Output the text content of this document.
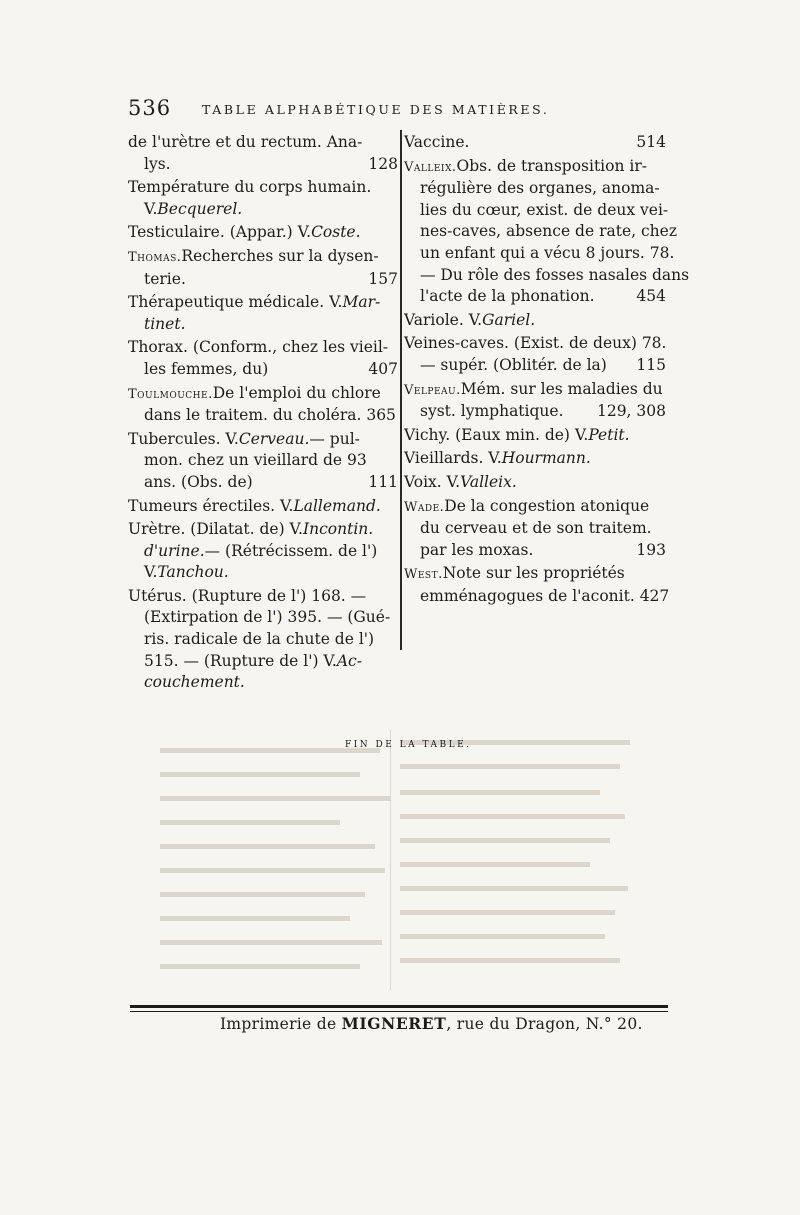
536 TABLE ALPHABÉTIQUE DES MATIÈRES.
de l'urètre et du rectum. Ana-
lys.	128
Température du corps humain.
V. Becquerel.
Testiculaire. (Appar.) V. Coste.
Thomas. Recherches sur la dysen-
terie.	157
Thérapeutique médicale. V. Mar-
tinet.
Thorax. (Conform., chez les vieil-
les femmes, du)	407
Toulmouche. De l'emploi du chlore
dans le traitem. du choléra. 365
Tubercules. V. Cerveau. — pul-
mon. chez un vieillard de 93
ans. (Obs. de)	111
Tumeurs érectiles. V. Lallemand.
Urètre. (Dilatat. de) V. Incontin.
d'urine. — (Rétrécissem. de l')
V. Tanchou.
Utérus. (Rupture de l') 168. —
(Extirpation de l') 395. — (Gué-
ris. radicale de la chute de l')
515. — (Rupture de l') V. Ac-
couchement.
Vaccine.	514
Valleix. Obs. de transposition ir-
régulière des organes, anoma-
lies du cœur, exist. de deux vei-
nes-caves, absence de rate, chez
un enfant qui a vécu 8 jours. 78.
— Du rôle des fosses nasales dans
l'acte de la phonation.	454
Variole. V. Gariel.
Veines-caves. (Exist. de deux) 78.
— supér. (Oblitér. de la) 115
Velpeau. Mém. sur les maladies du
syst. lymphatique. 129, 308
Vichy. (Eaux min. de) V. Petit.
Vieillards. V. Hourmann.
Voix. V. Valleix.
Wade. De la congestion atonique
du cerveau et de son traitem.
par les moxas.	193
West. Note sur les propriétés
emménagogues de l'aconit. 427
FIN DE LA TABLE.
Imprimerie de MIGNERET, rue du Dragon, N.° 20.
